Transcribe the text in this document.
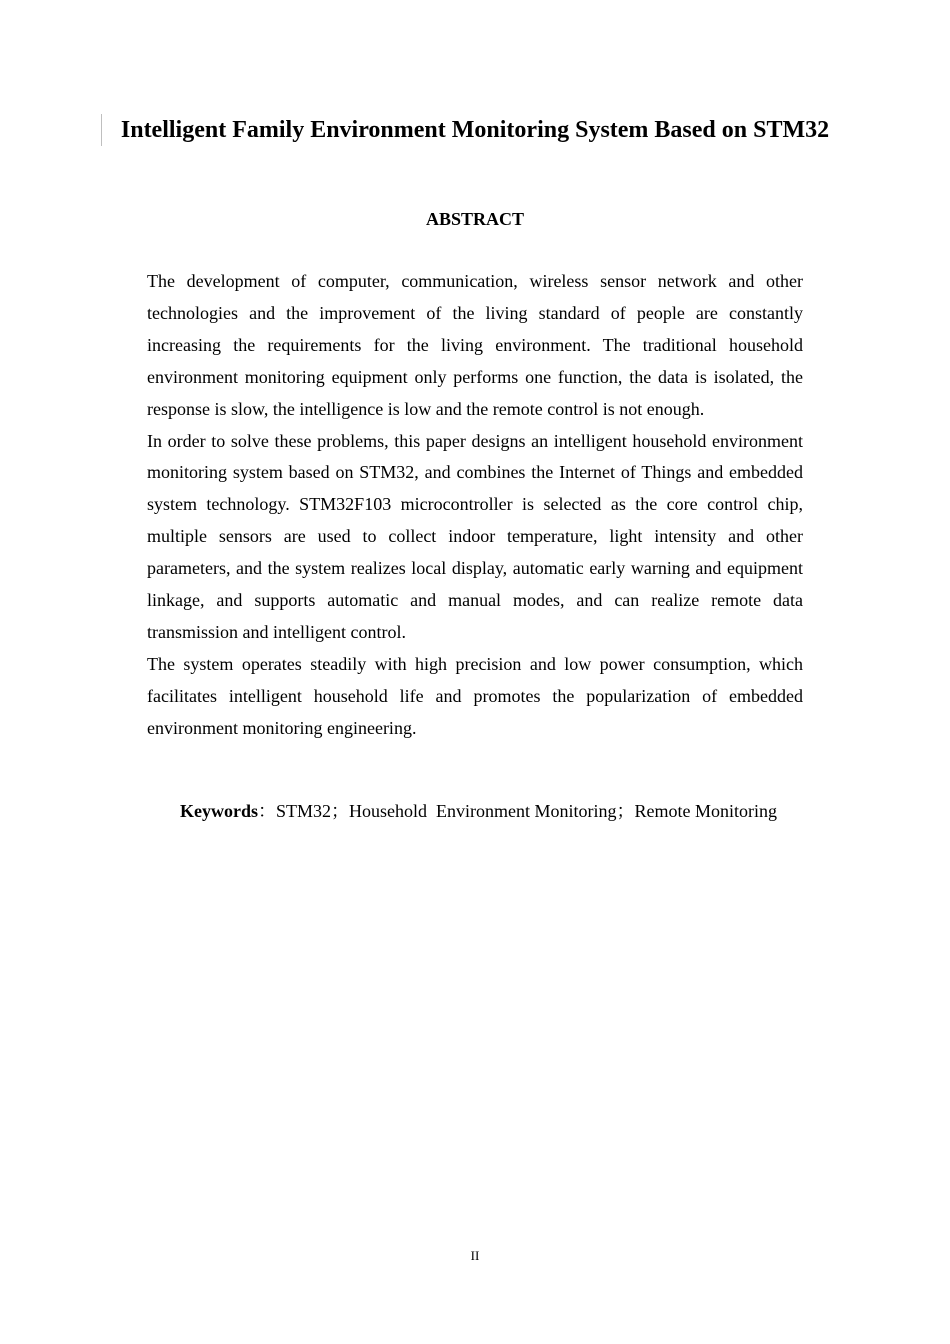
Intelligent Family Environment Monitoring System Based on STM32
ABSTRACT

The development of computer, communication, wireless sensor network and other technologies and the improvement of the living standard of people are constantly increasing the requirements for the living environment. The traditional household environment monitoring equipment only performs one function, the data is isolated, the response is slow, the intelligence is low and the remote control is not enough.

In order to solve these problems, this paper designs an intelligent household environment monitoring system based on STM32, and combines the Internet of Things and embedded system technology. STM32F103 microcontroller is selected as the core control chip, multiple sensors are used to collect indoor temperature, light intensity and other parameters, and the system realizes local display, automatic early warning and equipment linkage, and supports automatic and manual modes, and can realize remote data transmission and intelligent control.

The system operates steadily with high precision and low power consumption, which facilitates intelligent household life and promotes the popularization of embedded environment monitoring engineering.

Keywords：STM32；Household  Environment Monitoring；Remote Monitoring
II
